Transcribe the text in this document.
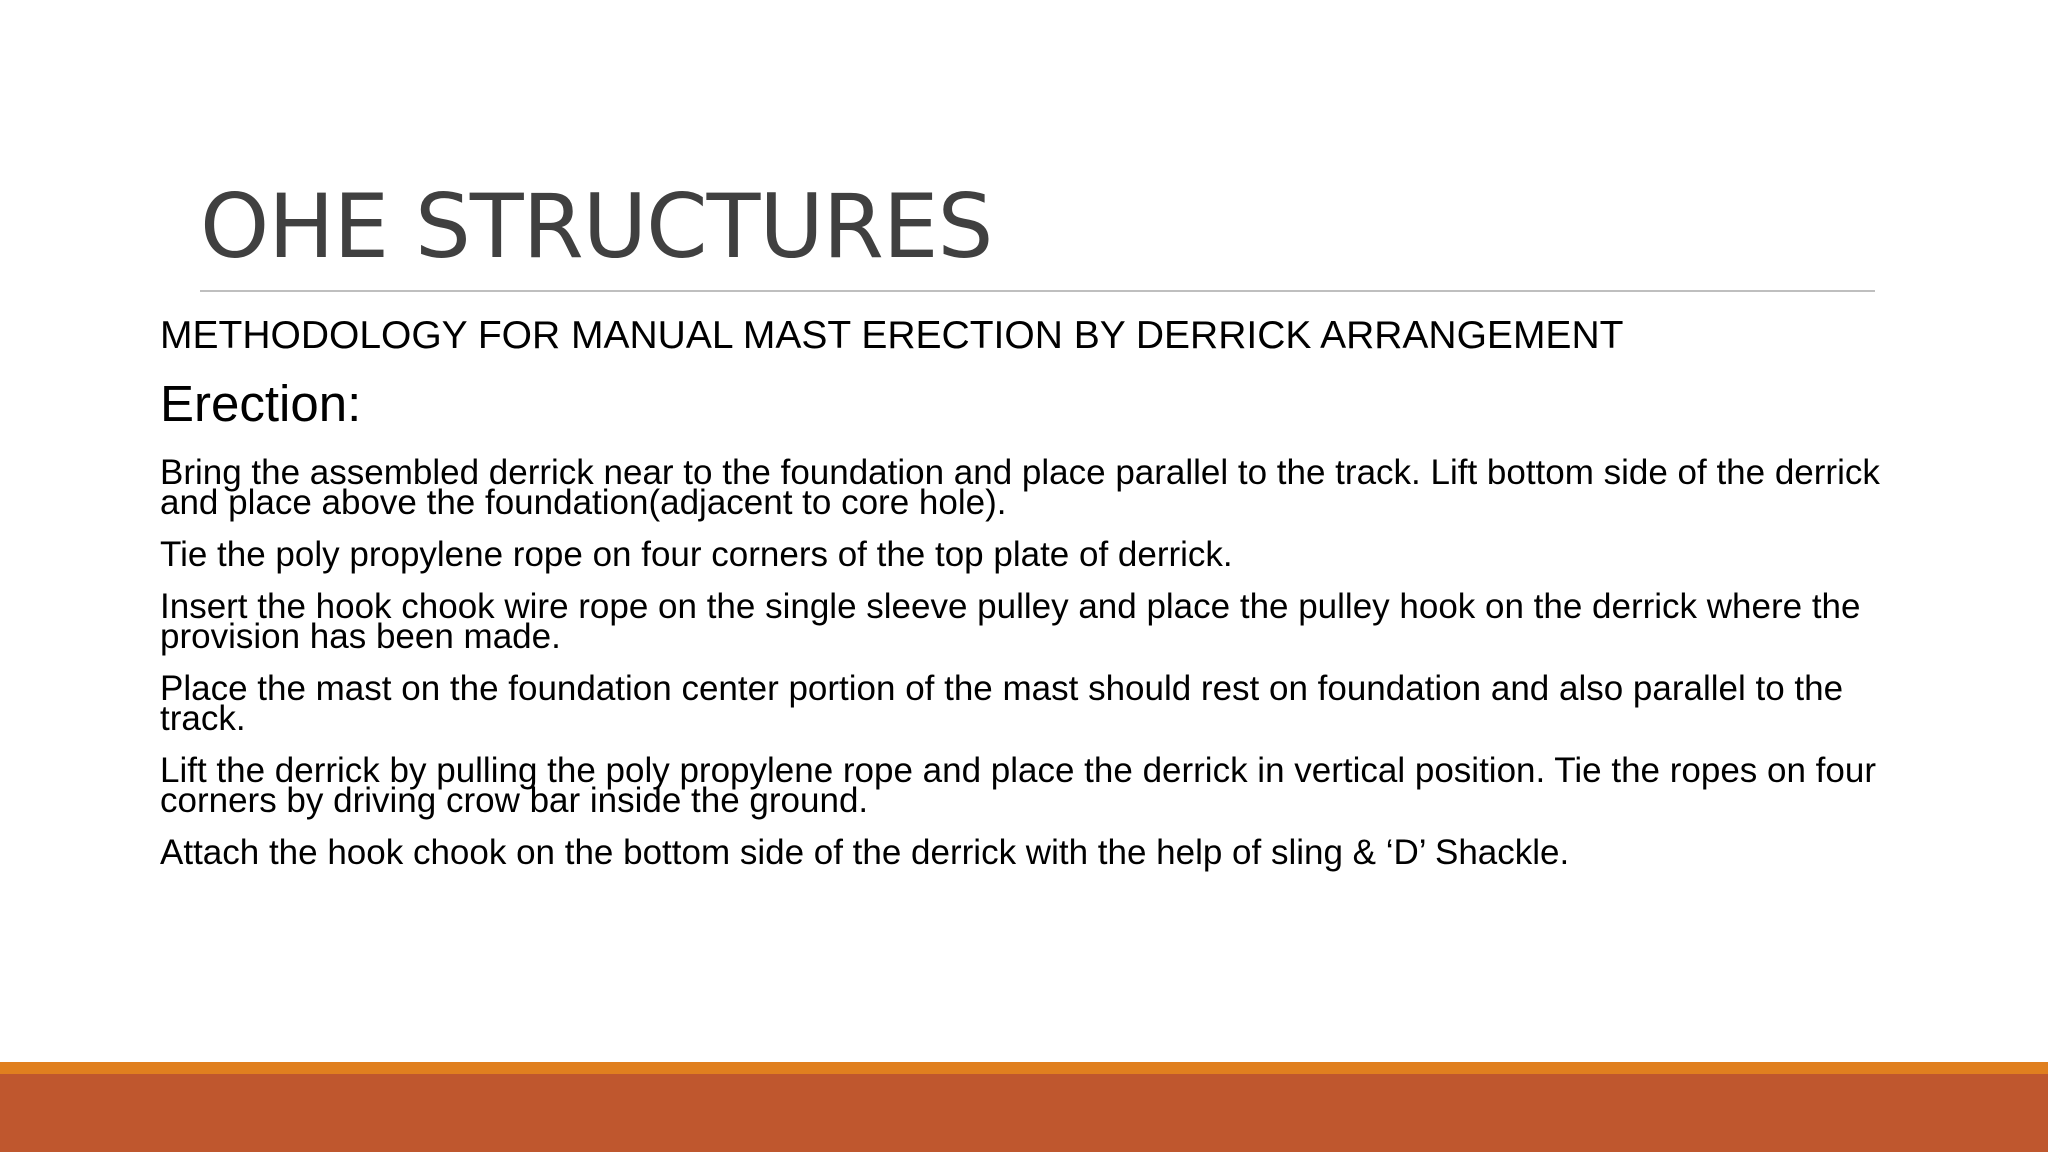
OHE STRUCTURES

METHODOLOGY FOR MANUAL MAST ERECTION BY DERRICK ARRANGEMENT

Erection:

Bring the assembled derrick near to the foundation and place parallel to the track. Lift bottom side of the derrick and place above the foundation(adjacent to core hole).

Tie the poly propylene rope on four corners of the top plate of derrick.

Insert the hook chook wire rope on the single sleeve pulley and place the pulley hook on the derrick where the provision has been made.

Place the mast on the foundation center portion of the mast should rest on foundation and also parallel to the track.

Lift the derrick by pulling the poly propylene rope and place the derrick in vertical position. Tie the ropes on four corners by driving crow bar inside the ground.

Attach the hook chook on the bottom side of the derrick with the help of sling & ‘D’ Shackle.
